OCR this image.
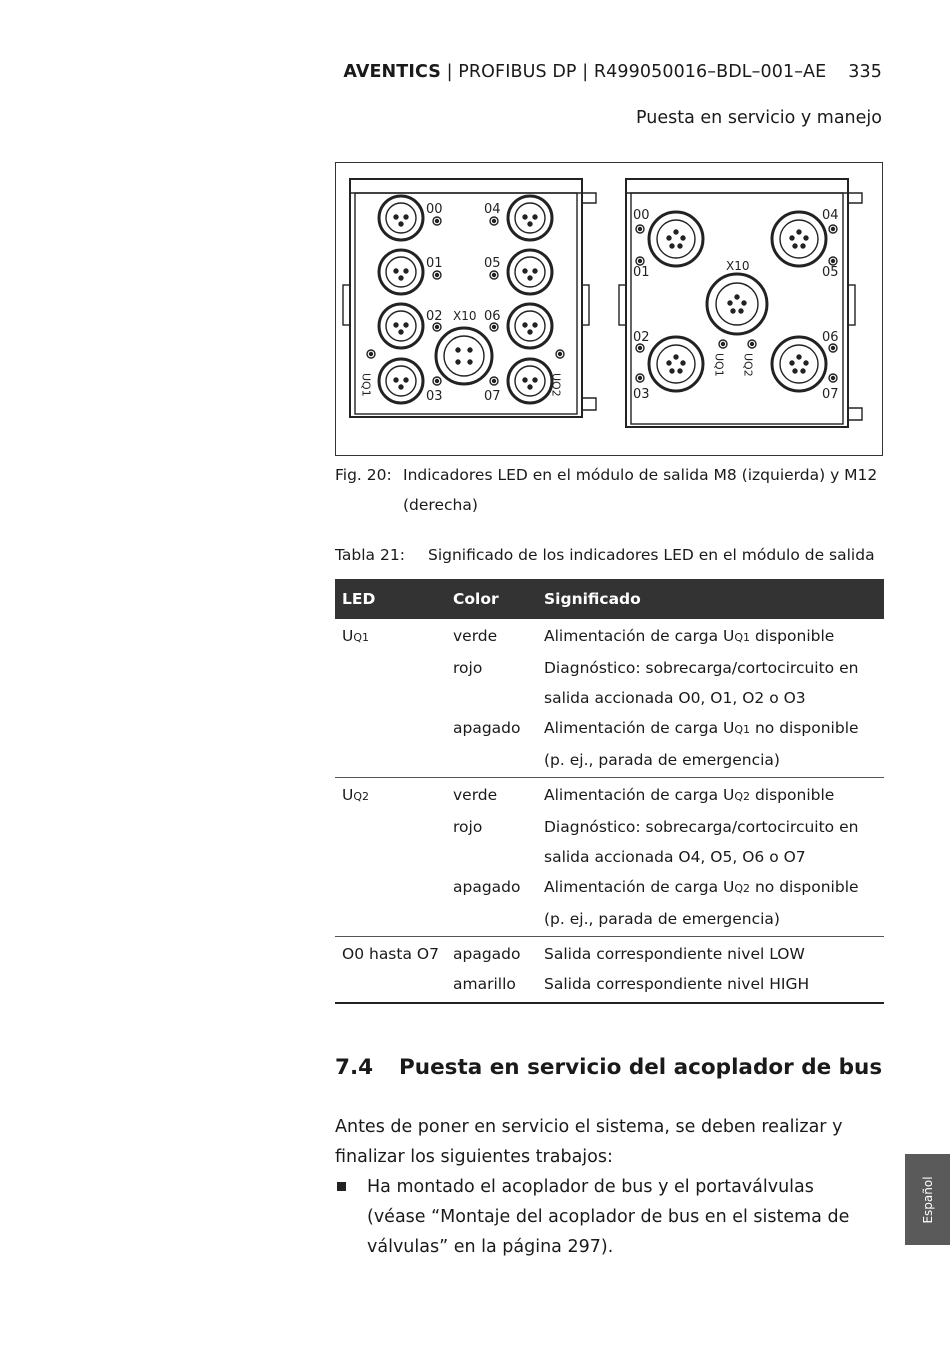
AVENTICS | PROFIBUS DP | R499050016–BDL–001–AE 335
Puesta en servicio y manejo
00
01
02
03
04
05
06
07
X10
UQ1	UQ2
00
01
02
03
04
05
06
07
X10
UQ1 UQ2
Fig. 20: Indicadores LED en el módulo de salida M8 (izquierda) y M12 (derecha)
Tabla 21: Significado de los indicadores LED en el módulo de salida
LED	Color	Significado
UQ1	verde	Alimentación de carga UQ1 disponible
	rojo	Diagnóstico: sobrecarga/cortocircuito en salida accionada O0, O1, O2 o O3
	apagado	Alimentación de carga UQ1 no disponible (p. ej., parada de emergencia)
UQ2	verde	Alimentación de carga UQ2 disponible
	rojo	Diagnóstico: sobrecarga/cortocircuito en salida accionada O4, O5, O6 o O7
	apagado	Alimentación de carga UQ2 no disponible (p. ej., parada de emergencia)
O0 hasta O7	apagado	Salida correspondiente nivel LOW
	amarillo	Salida correspondiente nivel HIGH
7.4 Puesta en servicio del acoplador de bus
Antes de poner en servicio el sistema, se deben realizar y finalizar los siguientes trabajos:
Ha montado el acoplador de bus y el portaválvulas (véase “Montaje del acoplador de bus en el sistema de válvulas” en la página 297).
Español
